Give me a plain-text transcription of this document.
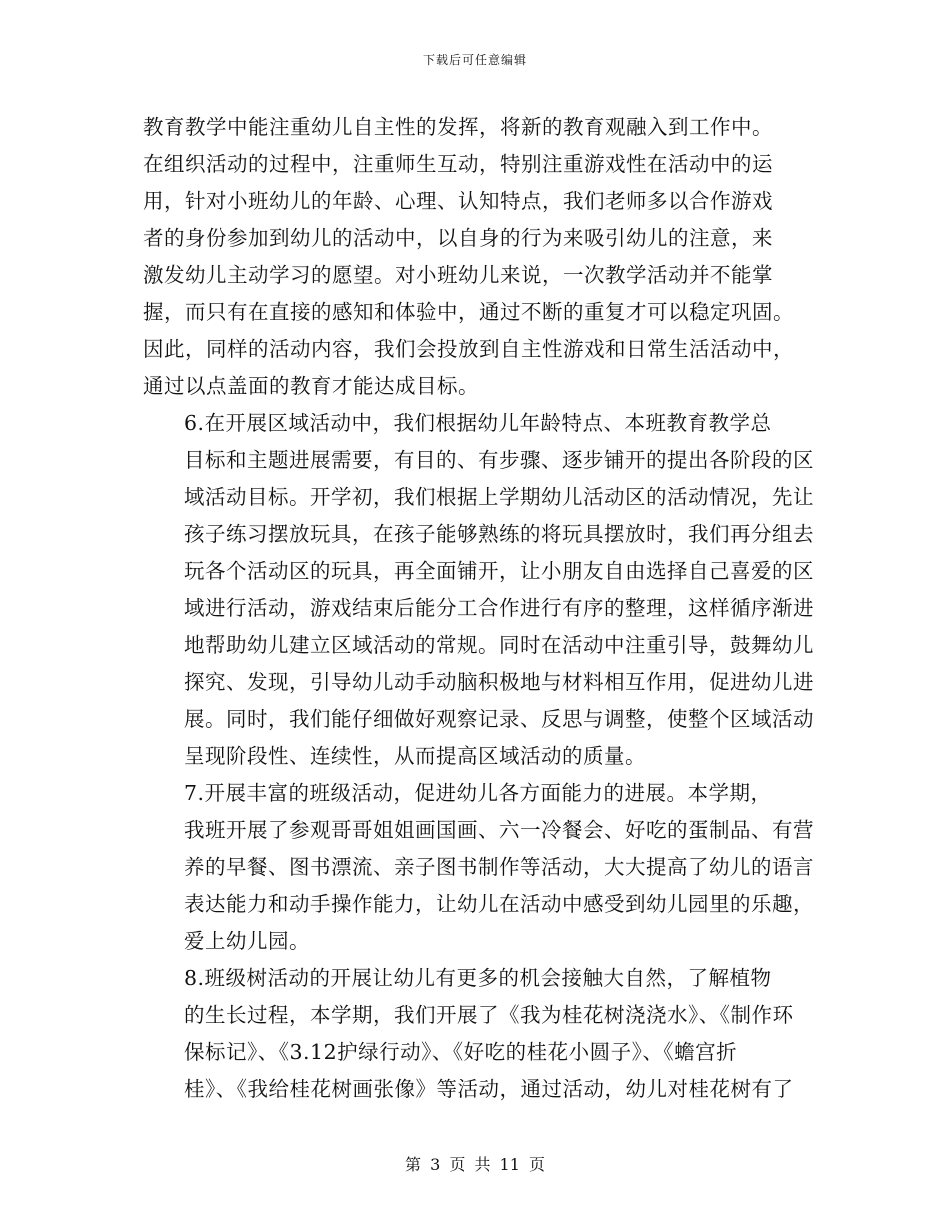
下载后可任意编辑

教育教学中能注重幼儿自主性的发挥，将新的教育观融入到工作中。
在组织活动的过程中，注重师生互动，特别注重游戏性在活动中的运
用，针对小班幼儿的年龄、心理、认知特点，我们老师多以合作游戏
者的身份参加到幼儿的活动中，以自身的行为来吸引幼儿的注意，来
激发幼儿主动学习的愿望。对小班幼儿来说，一次教学活动并不能掌
握，而只有在直接的感知和体验中，通过不断的重复才可以稳定巩固。
因此，同样的活动内容，我们会投放到自主性游戏和日常生活活动中，
通过以点盖面的教育才能达成目标。

6.在开展区域活动中，我们根据幼儿年龄特点、本班教育教学总
目标和主题进展需要，有目的、有步骤、逐步铺开的提出各阶段的区
域活动目标。开学初，我们根据上学期幼儿活动区的活动情况，先让
孩子练习摆放玩具，在孩子能够熟练的将玩具摆放时，我们再分组去
玩各个活动区的玩具，再全面铺开，让小朋友自由选择自己喜爱的区
域进行活动，游戏结束后能分工合作进行有序的整理，这样循序渐进
地帮助幼儿建立区域活动的常规。同时在活动中注重引导，鼓舞幼儿
探究、发现，引导幼儿动手动脑积极地与材料相互作用，促进幼儿进
展。同时，我们能仔细做好观察记录、反思与调整，使整个区域活动
呈现阶段性、连续性，从而提高区域活动的质量。

7.开展丰富的班级活动，促进幼儿各方面能力的进展。本学期，
我班开展了参观哥哥姐姐画国画、六一冷餐会、好吃的蛋制品、有营
养的早餐、图书漂流、亲子图书制作等活动，大大提高了幼儿的语言
表达能力和动手操作能力，让幼儿在活动中感受到幼儿园里的乐趣，
爱上幼儿园。

8.班级树活动的开展让幼儿有更多的机会接触大自然，了解植物
的生长过程，本学期，我们开展了《我为桂花树浇浇水》、《制作环
保标记》、《3.12护绿行动》、《好吃的桂花小圆子》、《蟾宫折
桂》、《我给桂花树画张像》等活动，通过活动，幼儿对桂花树有了

第 3 页 共 11 页
